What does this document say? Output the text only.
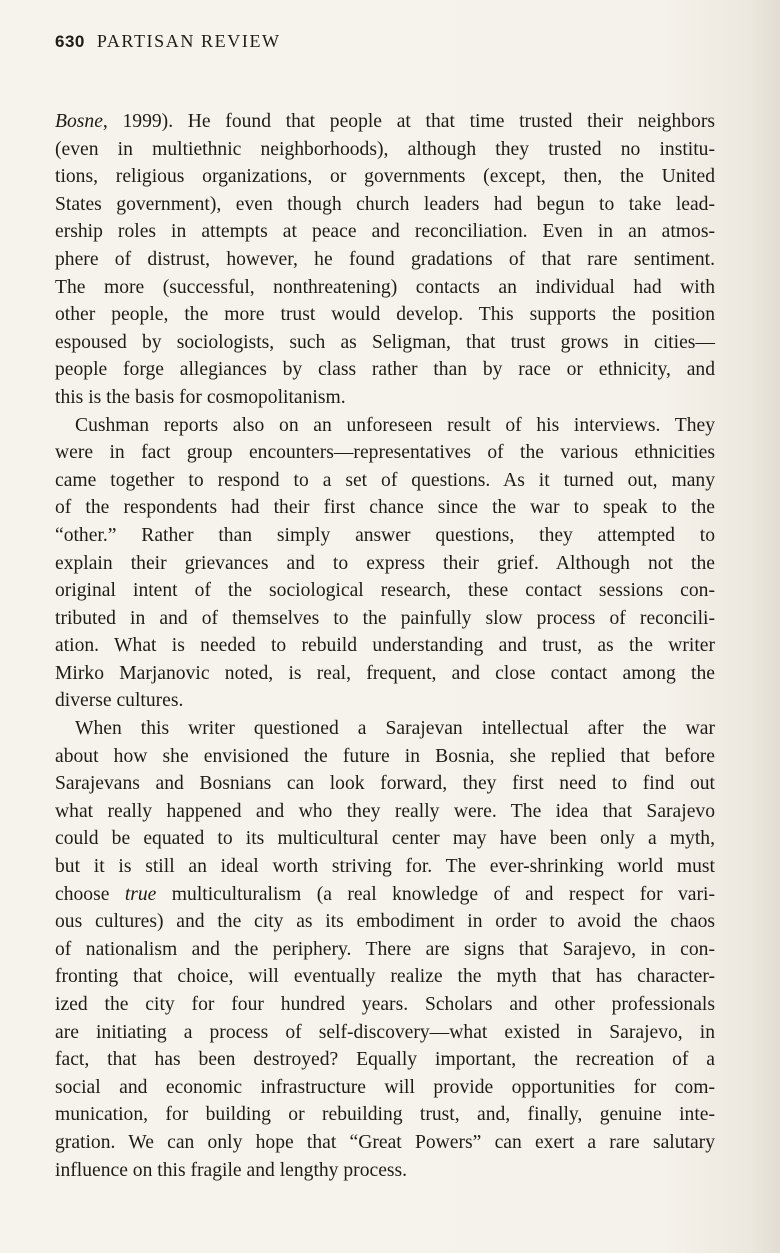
630 PARTISAN REVIEW
Bosne, 1999). He found that people at that time trusted their neighbors
(even in multiethnic neighborhoods), although they trusted no institu-
tions, religious organizations, or governments (except, then, the United
States government), even though church leaders had begun to take lead-
ership roles in attempts at peace and reconciliation. Even in an atmos-
phere of distrust, however, he found gradations of that rare sentiment.
The more (successful, nonthreatening) contacts an individual had with
other people, the more trust would develop. This supports the position
espoused by sociologists, such as Seligman, that trust grows in cities—
people forge allegiances by class rather than by race or ethnicity, and
this is the basis for cosmopolitanism.
Cushman reports also on an unforeseen result of his interviews. They
were in fact group encounters—representatives of the various ethnicities
came together to respond to a set of questions. As it turned out, many
of the respondents had their first chance since the war to speak to the
“other.” Rather than simply answer questions, they attempted to
explain their grievances and to express their grief. Although not the
original intent of the sociological research, these contact sessions con-
tributed in and of themselves to the painfully slow process of reconcili-
ation. What is needed to rebuild understanding and trust, as the writer
Mirko Marjanovic noted, is real, frequent, and close contact among the
diverse cultures.
When this writer questioned a Sarajevan intellectual after the war
about how she envisioned the future in Bosnia, she replied that before
Sarajevans and Bosnians can look forward, they first need to find out
what really happened and who they really were. The idea that Sarajevo
could be equated to its multicultural center may have been only a myth,
but it is still an ideal worth striving for. The ever-shrinking world must
choose true multiculturalism (a real knowledge of and respect for vari-
ous cultures) and the city as its embodiment in order to avoid the chaos
of nationalism and the periphery. There are signs that Sarajevo, in con-
fronting that choice, will eventually realize the myth that has character-
ized the city for four hundred years. Scholars and other professionals
are initiating a process of self-discovery—what existed in Sarajevo, in
fact, that has been destroyed? Equally important, the recreation of a
social and economic infrastructure will provide opportunities for com-
munication, for building or rebuilding trust, and, finally, genuine inte-
gration. We can only hope that “Great Powers” can exert a rare salutary
influence on this fragile and lengthy process.
